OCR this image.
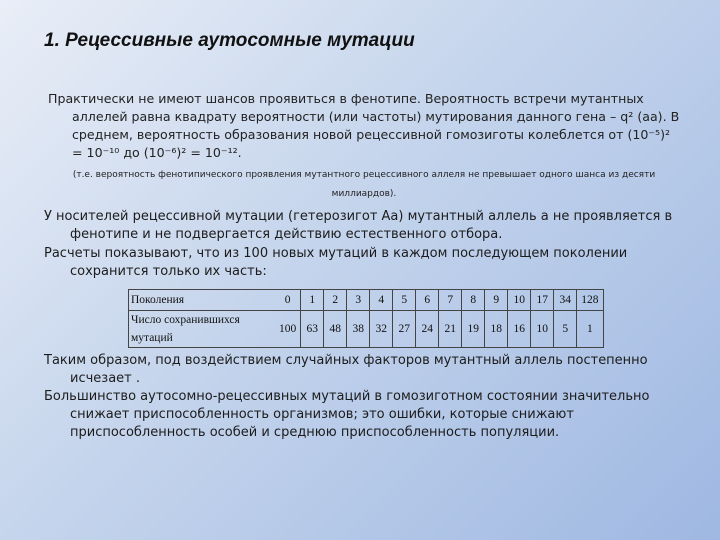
1. Рецессивные аутосомные мутации

Практически не имеют шансов проявиться в фенотипе. Вероятность встречи мутантных аллелей равна квадрату вероятности (или частоты) мутирования данного гена – q² (аа). В среднем, вероятность образования новой рецессивной гомозиготы колеблется от (10⁻⁵)² = 10⁻¹⁰ до (10⁻⁶)² = 10⁻¹².

(т.е. вероятность фенотипического проявления мутантного рецессивного аллеля не превышает одного шанса из десяти миллиардов).

У носителей рецессивной мутации (гетерозигот Аа) мутантный аллель а не проявляется в фенотипе и не подвергается действию естественного отбора.

Расчеты показывают, что из 100 новых мутаций в каждом последующем поколении сохранится только их часть:

Поколения	0	1	2	3	4	5	6	7	8	9	10	17	34	128
Число сохранившихся мутаций	100	63	48	38	32	27	24	21	19	18	16	10	5	1

Таким образом, под воздействием случайных факторов мутантный аллель постепенно исчезает .

Большинство аутосомно-рецессивных мутаций в гомозиготном состоянии значительно снижает приспособленность организмов; это ошибки, которые снижают приспособленность особей и среднюю приспособленность популяции.
